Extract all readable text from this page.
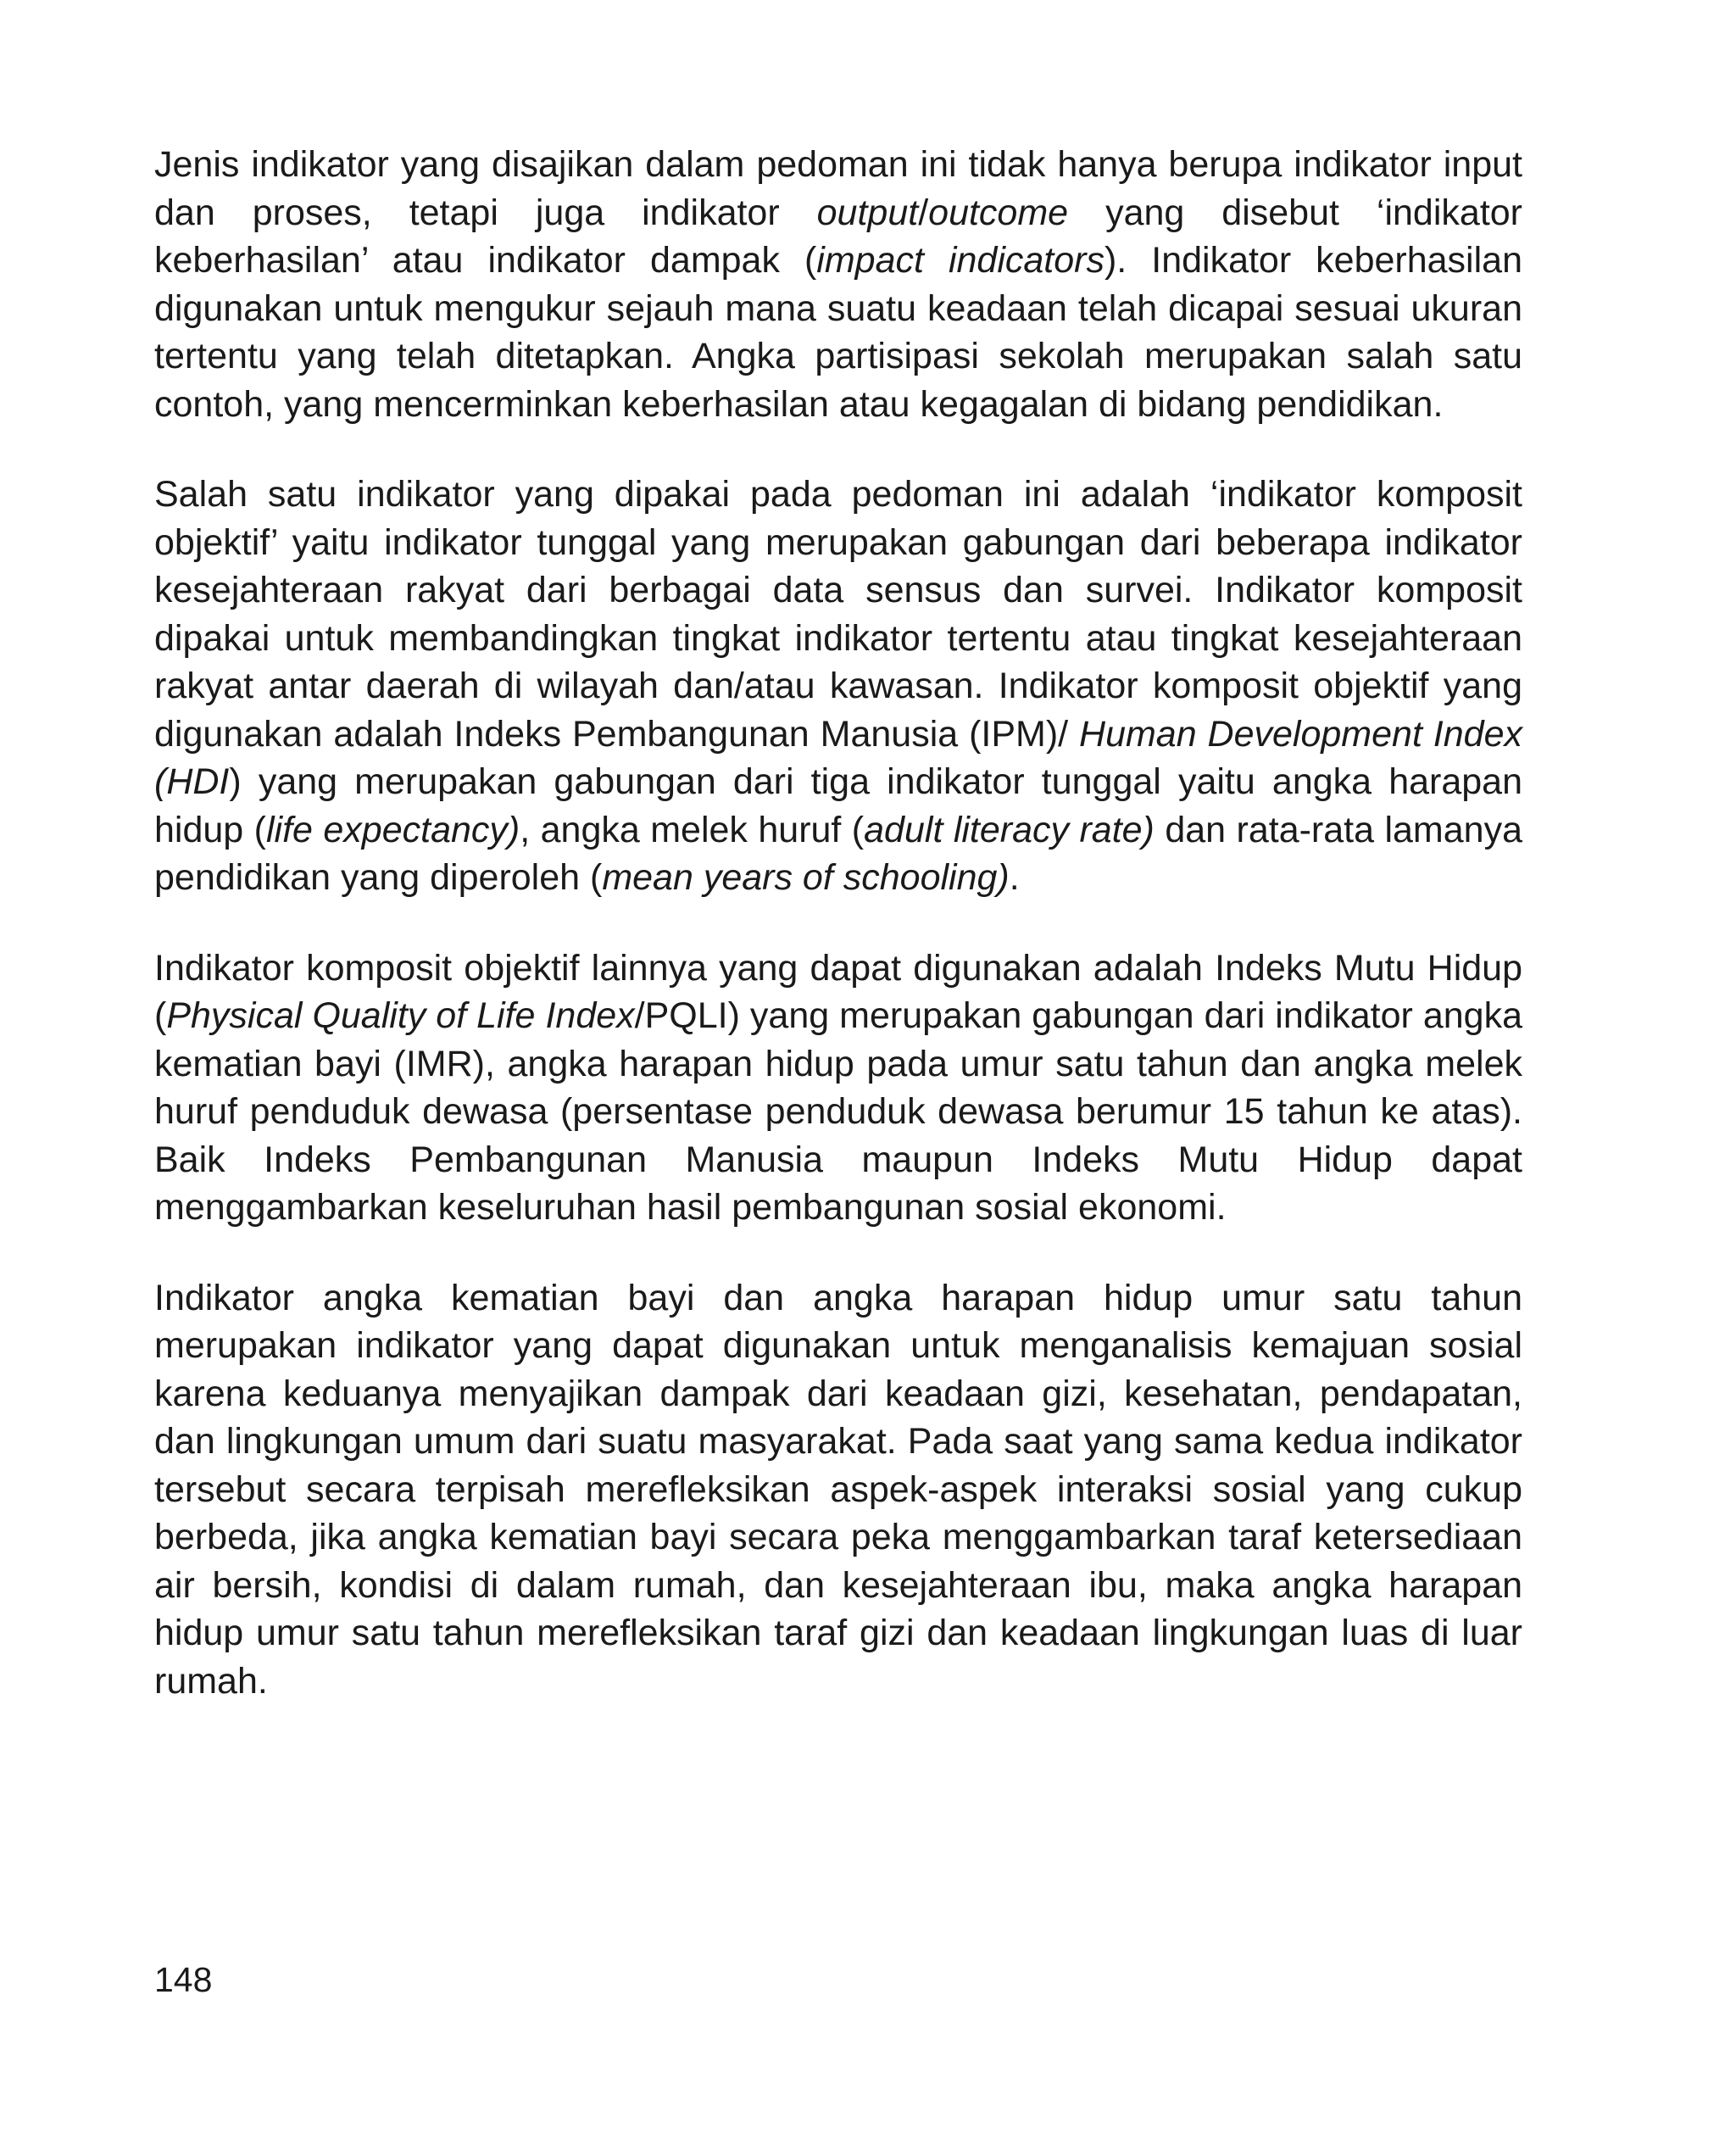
Jenis indikator yang disajikan dalam pedoman ini tidak hanya berupa indikator input dan proses, tetapi juga indikator output/outcome yang disebut ‘indikator keberhasilan’ atau indikator dampak (impact indicators). Indikator keberhasilan digunakan untuk mengukur sejauh mana suatu keadaan telah dicapai sesuai ukuran tertentu yang telah ditetapkan. Angka partisipasi sekolah merupakan salah satu contoh, yang mencerminkan keberhasilan atau kegagalan di bidang pendidikan.

Salah satu indikator yang dipakai pada pedoman ini adalah ‘indikator komposit objektif’ yaitu indikator tunggal yang merupakan gabungan dari beberapa indikator kesejahteraan rakyat dari berbagai data sensus dan survei. Indikator komposit dipakai untuk membandingkan tingkat indikator tertentu atau tingkat kesejahteraan rakyat antar daerah di wilayah dan/atau kawasan. Indikator komposit objektif yang digunakan adalah Indeks Pembangunan Manusia (IPM)/ Human Development Index (HDI) yang merupakan gabungan dari tiga indikator tunggal yaitu angka harapan hidup (life expectancy), angka melek huruf (adult literacy rate) dan rata-rata lamanya pendidikan yang diperoleh (mean years of schooling).

Indikator komposit objektif lainnya yang dapat digunakan adalah Indeks Mutu Hidup (Physical Quality of Life Index/PQLI) yang merupakan gabungan dari indikator angka kematian bayi (IMR), angka harapan hidup pada umur satu tahun dan angka melek huruf penduduk dewasa (persentase penduduk dewasa berumur 15 tahun ke atas). Baik Indeks Pembangunan Manusia maupun Indeks Mutu Hidup dapat menggambarkan keseluruhan hasil pembangunan sosial ekonomi.

Indikator angka kematian bayi dan angka harapan hidup umur satu tahun merupakan indikator yang dapat digunakan untuk menganalisis kemajuan sosial karena keduanya menyajikan dampak dari keadaan gizi, kesehatan, pendapatan, dan lingkungan umum dari suatu masyarakat. Pada saat yang sama kedua indikator tersebut secara terpisah merefleksikan aspek-aspek interaksi sosial yang cukup berbeda, jika angka kematian bayi secara peka menggambarkan taraf ketersediaan air bersih, kondisi di dalam rumah, dan kesejahteraan ibu, maka angka harapan hidup umur satu tahun merefleksikan taraf gizi dan keadaan lingkungan luas di luar rumah.

148
